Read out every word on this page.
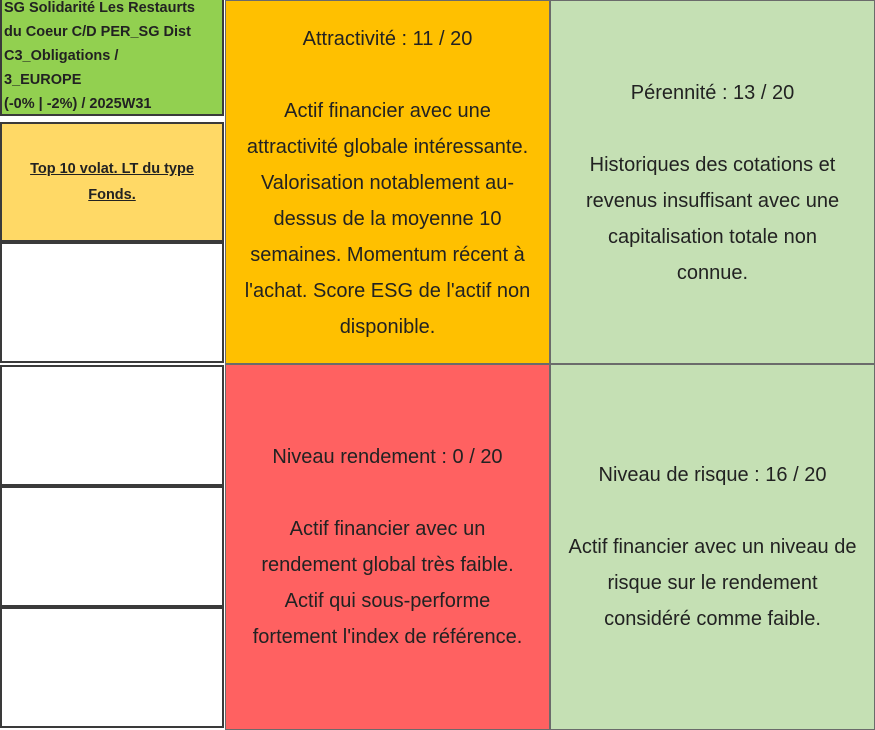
SG Solidarité Les Restaurts
du Coeur C/D PER_SG Dist
C3_Obligations /
3_EUROPE
(-0% | -2%) / 2025W31
Top 10 volat. LT du type Fonds.
Attractivité : 11 / 20
Actif financier avec une
attractivité globale intéressante.
Valorisation notablement au-
dessus de la moyenne 10
semaines. Momentum récent à
l'achat. Score ESG de l'actif non
disponible.
Pérennité : 13 / 20
Historiques des cotations et
revenus insuffisant avec une
capitalisation totale non
connue.
Niveau rendement : 0 / 20
Actif financier avec un
rendement global très faible.
Actif qui sous-performe
fortement l'index de référence.
Niveau de risque : 16 / 20
Actif financier avec un niveau de
risque sur le rendement
considéré comme faible.
